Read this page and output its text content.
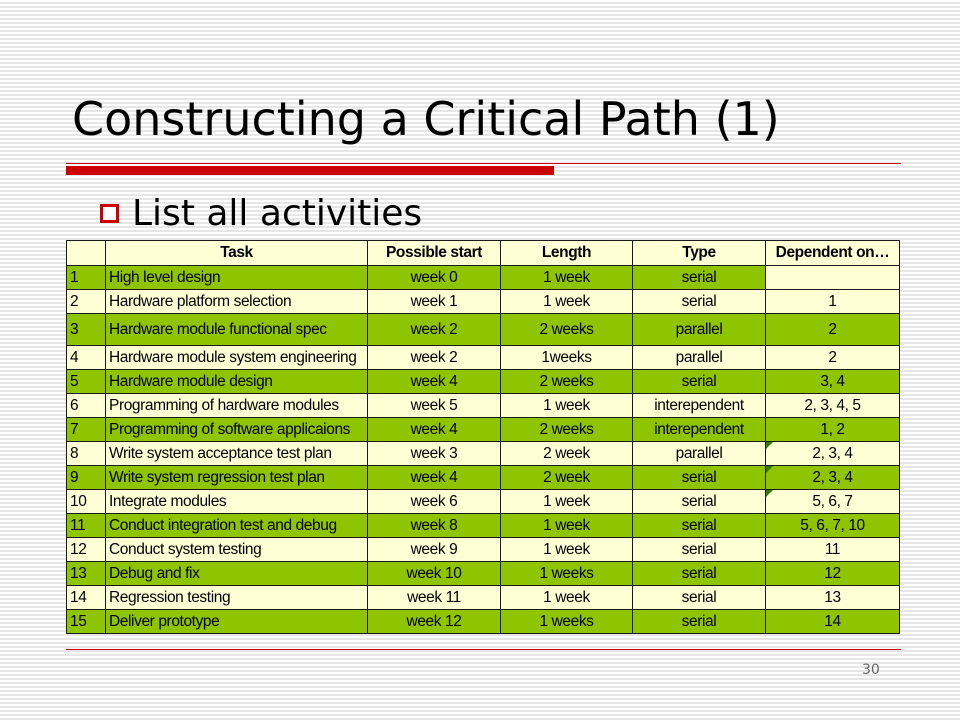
Constructing a Critical Path (1)
List all activities
	Task	Possible start	Length	Type	Dependent on…
1	High level design	week 0	1 week	serial	
2	Hardware platform selection	week 1	1 week	serial	1
3	Hardware module functional spec	week 2	2 weeks	parallel	2
4	Hardware module system engineering	week 2	1weeks	parallel	2
5	Hardware module design	week 4	2 weeks	serial	3, 4
6	Programming of hardware modules	week 5	1 week	interependent	2, 3, 4, 5
7	Programming of software applicaions	week 4	2 weeks	interependent	1, 2
8	Write system acceptance test plan	week 3	2 week	parallel	2, 3, 4
9	Write system regression test plan	week 4	2 week	serial	2, 3, 4
10	Integrate modules	week 6	1 week	serial	5, 6, 7
11	Conduct integration test and debug	week 8	1 week	serial	5, 6, 7, 10
12	Conduct system testing	week 9	1 week	serial	11
13	Debug and fix	week 10	1 weeks	serial	12
14	Regression testing	week 11	1 week	serial	13
15	Deliver prototype	week 12	1 weeks	serial	14
30
